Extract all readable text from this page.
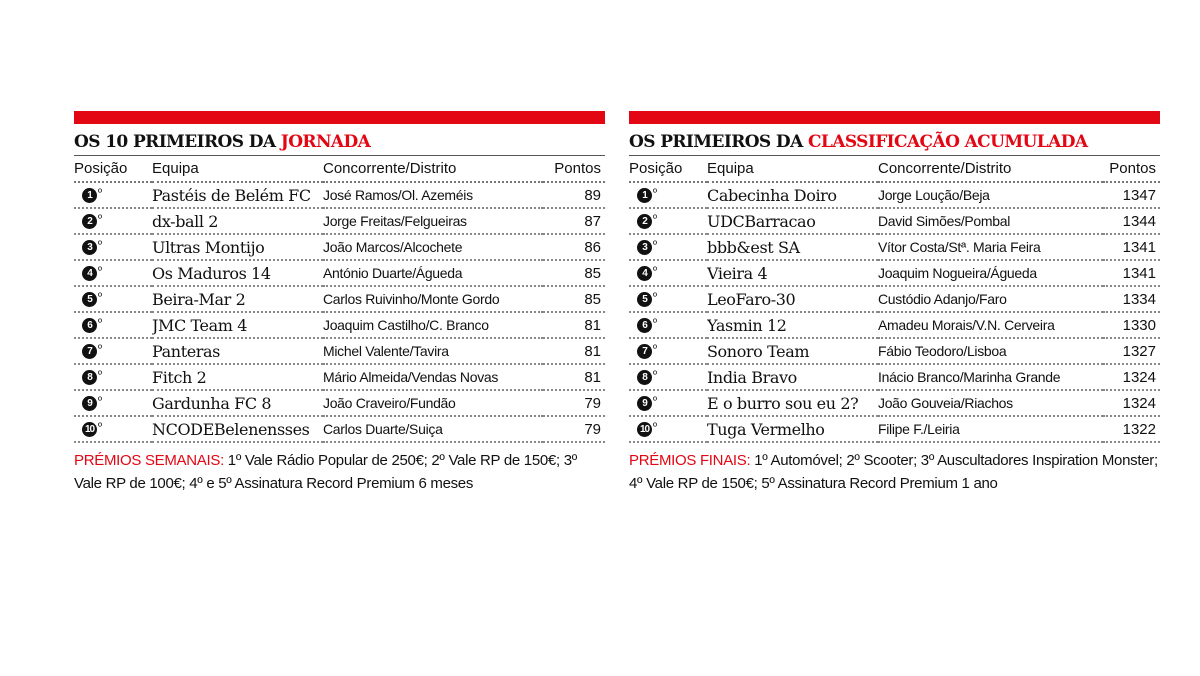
OS 10 PRIMEIROS DA JORNADA
Posição	Equipa	Concorrente/Distrito	Pontos
1 $^º$	Pastéis de Belém FC	José Ramos/Ol. Azeméis	89
2 $^º$	dx-ball 2	Jorge Freitas/Felgueiras	87
3 $^º$	Ultras Montijo	João Marcos/Alcochete	86
4 $^º$	Os Maduros 14	António Duarte/Águeda	85
5 $^º$	Beira-Mar 2	Carlos Ruivinho/Monte Gordo	85
6 $^º$	JMC Team 4	Joaquim Castilho/C. Branco	81
7 $^º$	Panteras	Michel Valente/Tavira	81
8 $^º$	Fitch 2	Mário Almeida/Vendas Novas	81
9 $^º$	Gardunha FC 8	João Craveiro/Fundão	79
10 $^º$	NCODEBelenensses	Carlos Duarte/Suiça	79
PRÉMIOS SEMANAIS: 1º Vale Rádio Popular de 250€; 2º Vale RP de 150€; 3º Vale RP de 100€; 4º e 5º Assinatura Record Premium 6 meses
OS PRIMEIROS DA CLASSIFICAÇÃO ACUMULADA
Posição	Equipa	Concorrente/Distrito	Pontos
1 $^º$	Cabecinha Doiro	Jorge Loução/Beja	1347
2 $^º$	UDCBarracao	David Simões/Pombal	1344
3 $^º$	bbb&est SA	Vítor Costa/Stª. Maria Feira	1341
4 $^º$	Vieira 4	Joaquim Nogueira/Águeda	1341
5 $^º$	LeoFaro-30	Custódio Adanjo/Faro	1334
6 $^º$	Yasmin 12	Amadeu Morais/V.N. Cerveira	1330
7 $^º$	Sonoro Team	Fábio Teodoro/Lisboa	1327
8 $^º$	India Bravo	Inácio Branco/Marinha Grande	1324
9 $^º$	E o burro sou eu 2?	João Gouveia/Riachos	1324
10 $^º$	Tuga Vermelho	Filipe F./Leiria	1322
PRÉMIOS FINAIS: 1º Automóvel; 2º Scooter; 3º Auscultadores Inspiration Monster; 4º Vale RP de 150€; 5º Assinatura Record Premium 1 ano
